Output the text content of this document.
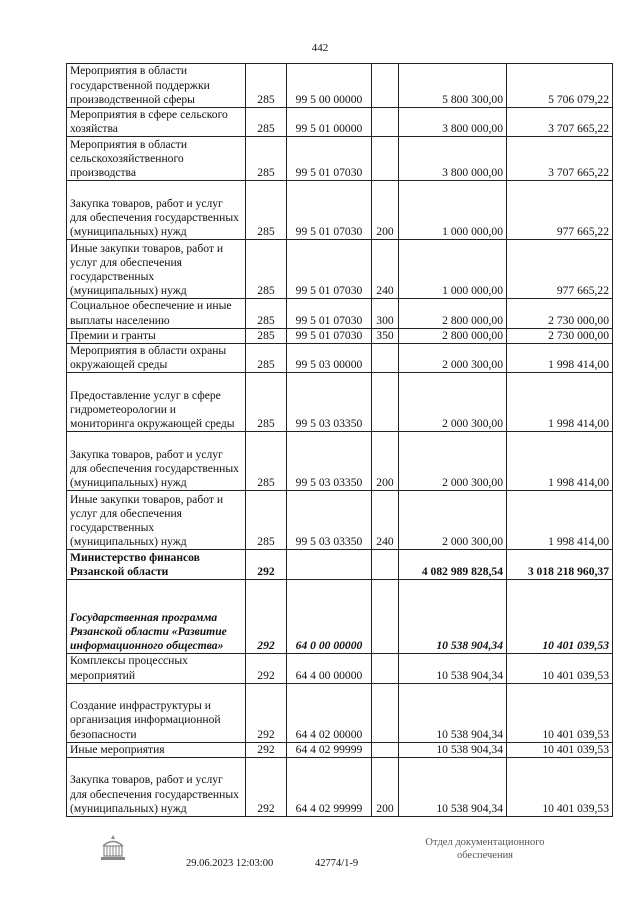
442
Мероприятия в области государственной поддержки производственной сферы	285	99 5 00 00000		5 800 300,00	5 706 079,22
Мероприятия в сфере сельского хозяйства	285	99 5 01 00000		3 800 000,00	3 707 665,22
Мероприятия в области сельскохозяйственного производства	285	99 5 01 07030		3 800 000,00	3 707 665,22
Закупка товаров, работ и услуг для обеспечения государственных (муниципальных) нужд	285	99 5 01 07030	200	1 000 000,00	977 665,22
Иные закупки товаров, работ и услуг для обеспечения государственных (муниципальных) нужд	285	99 5 01 07030	240	1 000 000,00	977 665,22
Социальное обеспечение и иные выплаты населению	285	99 5 01 07030	300	2 800 000,00	2 730 000,00
Премии и гранты	285	99 5 01 07030	350	2 800 000,00	2 730 000,00
Мероприятия в области охраны окружающей среды	285	99 5 03 00000		2 000 300,00	1 998 414,00
Предоставление услуг в сфере гидрометеорологии и мониторинга окружающей среды	285	99 5 03 03350		2 000 300,00	1 998 414,00
Закупка товаров, работ и услуг для обеспечения государственных (муниципальных) нужд	285	99 5 03 03350	200	2 000 300,00	1 998 414,00
Иные закупки товаров, работ и услуг для обеспечения государственных (муниципальных) нужд	285	99 5 03 03350	240	2 000 300,00	1 998 414,00
Министерство финансов Рязанской области	292			4 082 989 828,54	3 018 218 960,37
Государственная программа Рязанской области «Развитие информационного общества»	292	64 0 00 00000		10 538 904,34	10 401 039,53
Комплексы процессных мероприятий	292	64 4 00 00000		10 538 904,34	10 401 039,53
Создание инфраструктуры и организация информационной безопасности	292	64 4 02 00000		10 538 904,34	10 401 039,53
Иные мероприятия	292	64 4 02 99999		10 538 904,34	10 401 039,53
Закупка товаров, работ и услуг для обеспечения государственных (муниципальных) нужд	292	64 4 02 99999	200	10 538 904,34	10 401 039,53
29.06.2023 12:03:00	42774/1-9
Отдел документационного обеспечения
